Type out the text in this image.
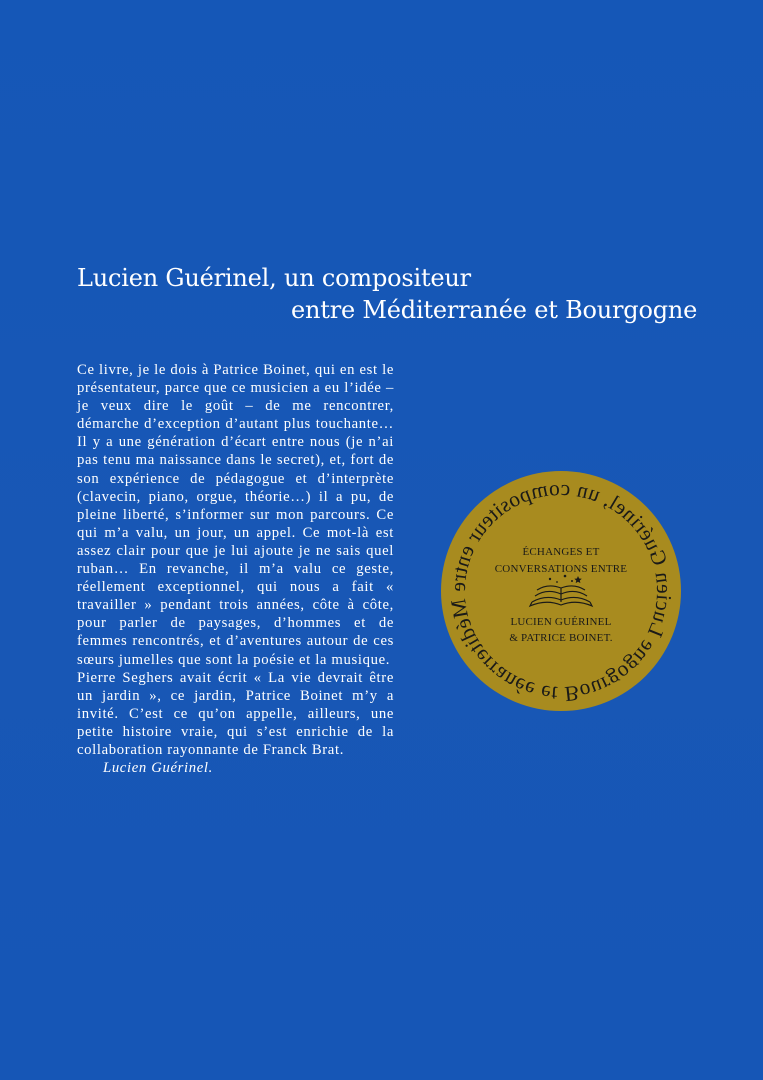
Lucien Guérinel, un compositeur
entre Méditerranée et Bourgogne

Ce livre, je le dois à Patrice Boinet, qui en est le présentateur, parce que ce musicien a eu l’idée – je veux dire le goût – de me rencontrer, démarche d’exception d’autant plus touchante… Il y a une génération d’écart entre nous (je n’ai pas tenu ma naissance dans le secret), et, fort de son expérience de pédagogue et d’interprète (clavecin, piano, orgue, théorie…) il a pu, de pleine liberté, s’informer sur mon parcours. Ce qui m’a valu, un jour, un appel. Ce mot-là est assez clair pour que je lui ajoute je ne sais quel ruban… En revanche, il m’a valu ce geste, réellement exceptionnel, qui nous a fait « travailler » pendant trois années, côte à côte, pour parler de paysages, d’hommes et de femmes rencontrés, et d’aventures autour de ces sœurs jumelles que sont la poésie et la musique.

Pierre Seghers avait écrit « La vie devrait être un jardin », ce jardin, Patrice Boinet m’y a invité. C’est ce qu’on appelle, ailleurs, une petite histoire vraie, qui s’est enrichie de la collaboration rayonnante de Franck Brat.

Lucien Guérinel.
Lucien Guérinel, un compositeur entre Méditerranée et Bourgogne
ÉCHANGES ET
CONVERSATIONS ENTRE
LUCIEN GUÉRINEL
& PATRICE BOINET.
